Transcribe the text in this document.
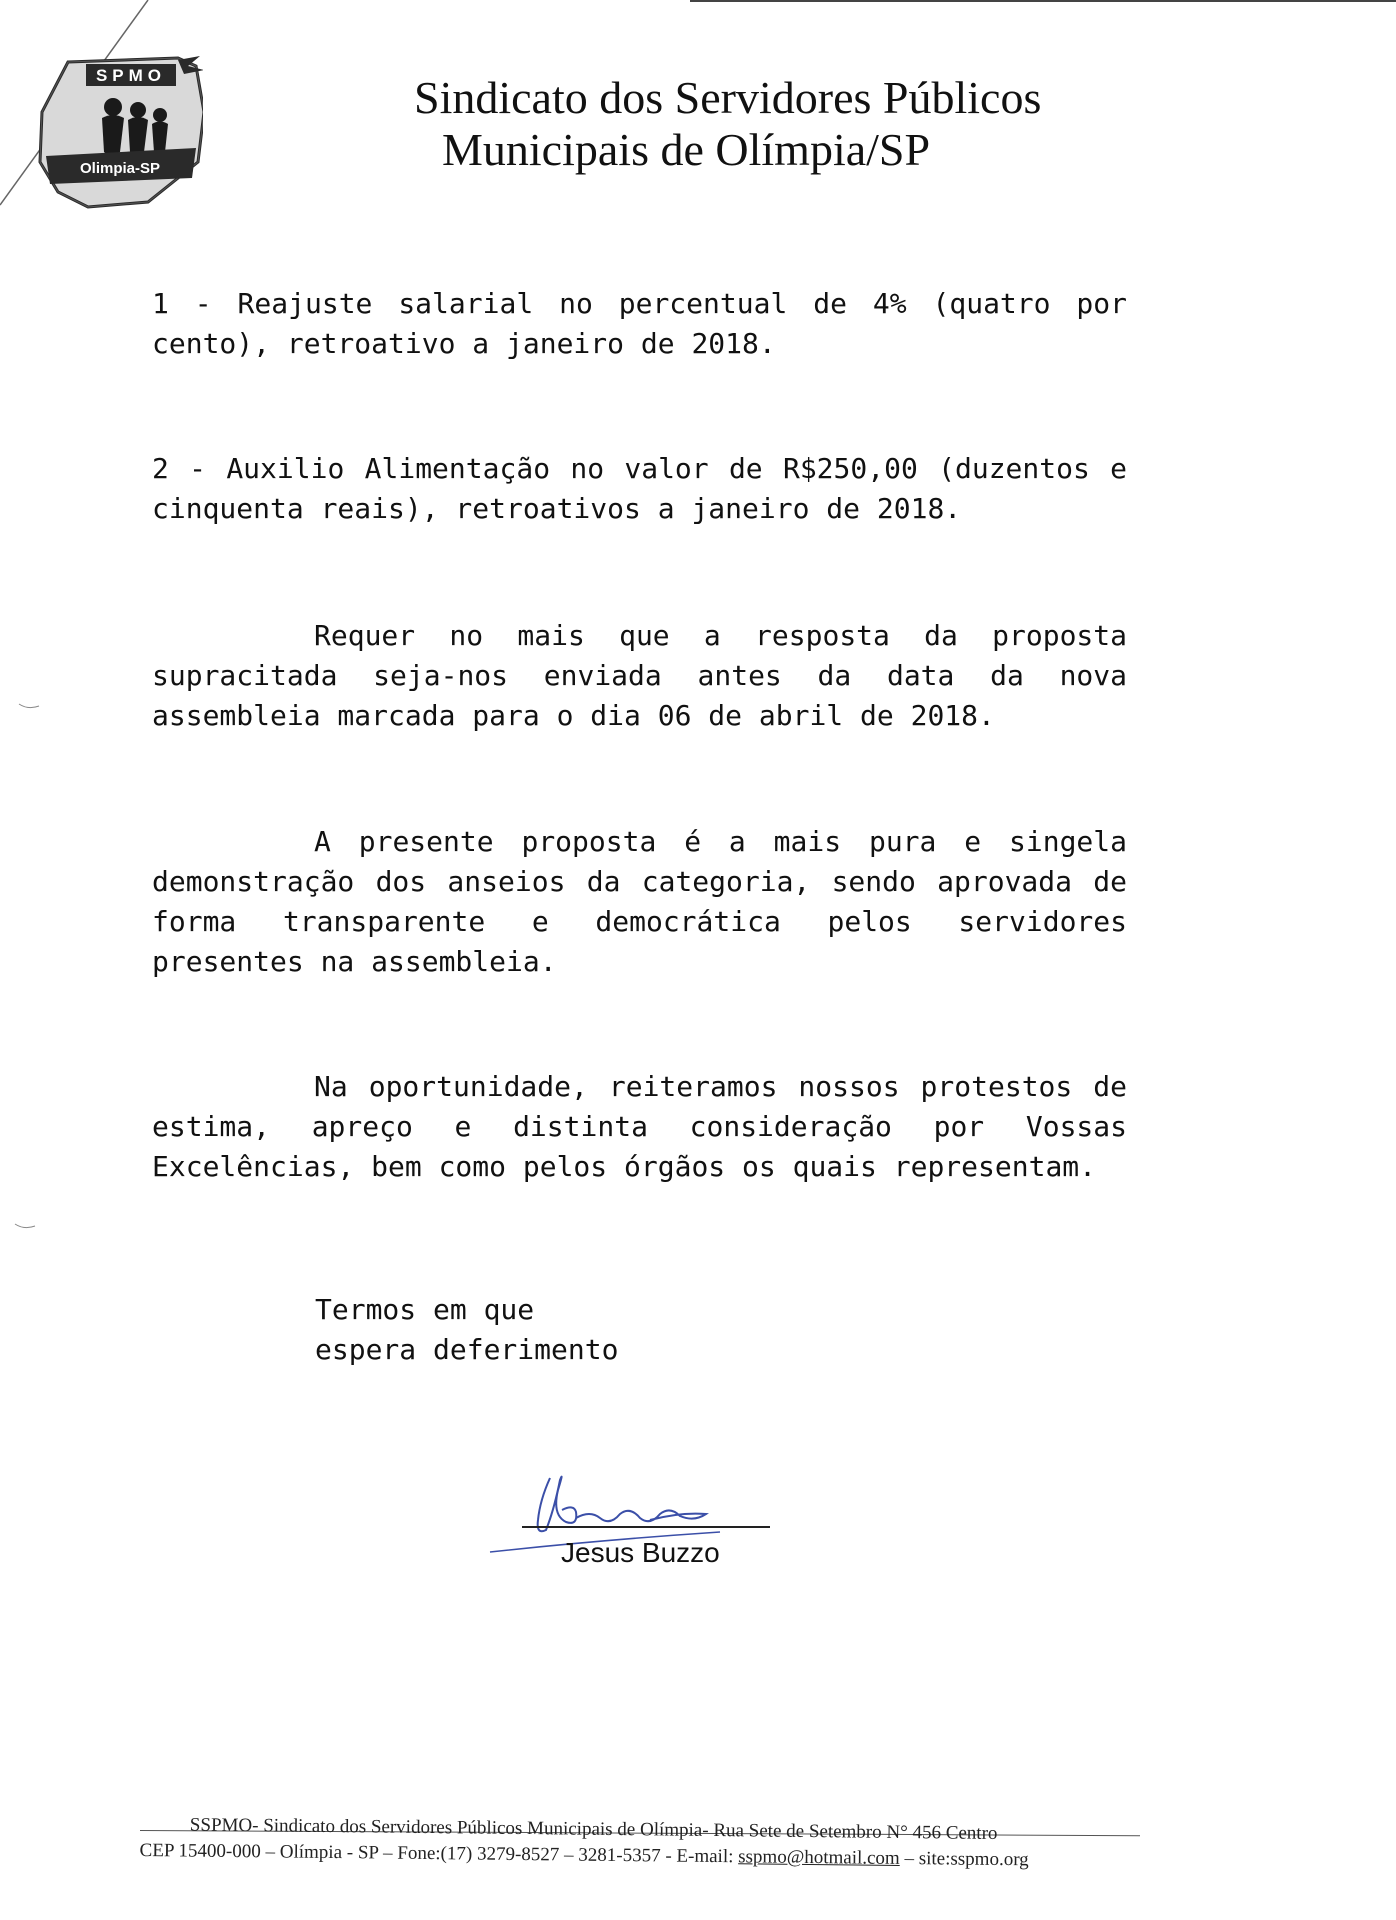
SPMO
Olimpia-SP
Sindicato dos Servidores Públicos
Municipais de Olímpia/SP
1 - Reajuste salarial no percentual de 4% (quatro por cento), retroativo a janeiro de 2018.
2 - Auxilio Alimentação no valor de R$250,00 (duzentos e cinquenta reais), retroativos a janeiro de 2018.
Requer no mais que a resposta da proposta supracitada seja-nos enviada antes da data da nova assembleia marcada para o dia 06 de abril de 2018.
A presente proposta é a mais pura e singela demonstração dos anseios da categoria, sendo aprovada de forma transparente e democrática pelos servidores presentes na assembleia.
Na oportunidade, reiteramos nossos protestos de estima, apreço e distinta consideração por Vossas Excelências, bem como pelos órgãos os quais representam.
Termos em que
espera deferimento
Jesus Buzzo
SSPMO- Sindicato dos Servidores Públicos Municipais de Olímpia- Rua Sete de Setembro N° 456 Centro
CEP 15400-000 – Olímpia - SP – Fone:(17) 3279-8527 – 3281-5357 - E-mail: sspmo@hotmail.com – site:sspmo.org
